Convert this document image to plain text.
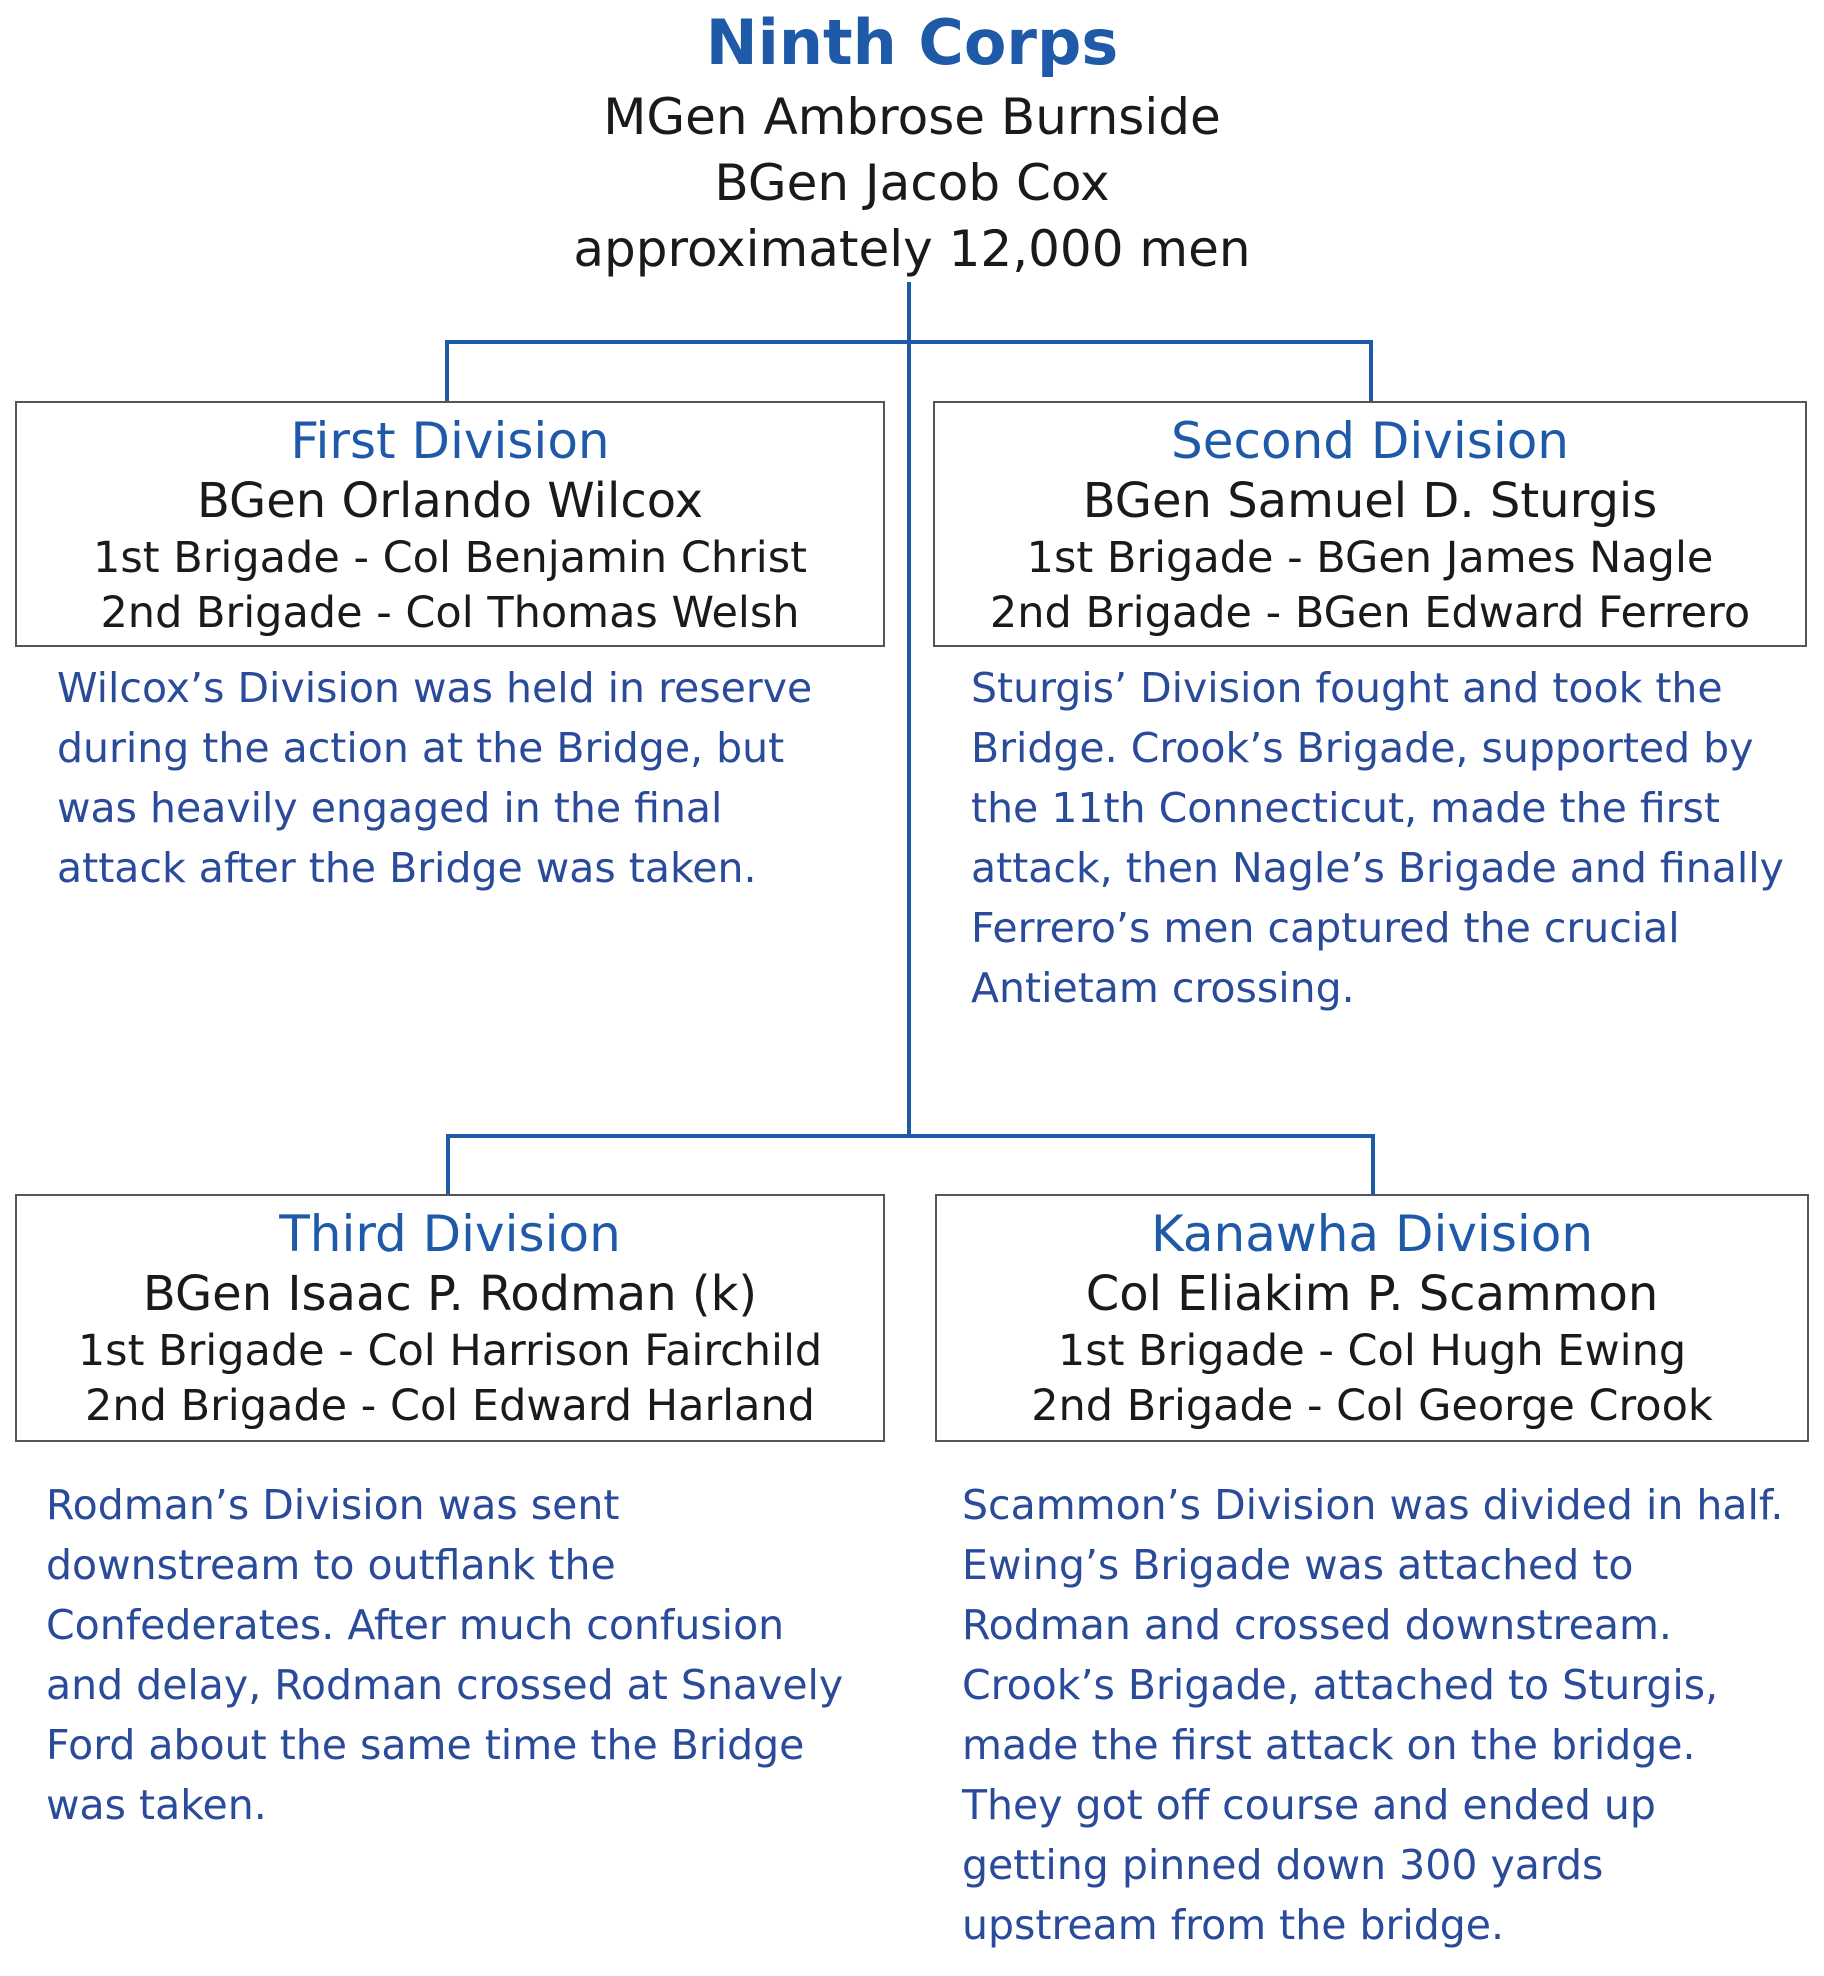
Ninth Corps
MGen Ambrose Burnside
BGen Jacob Cox
approximately 12,000 men
First Division
BGen Orlando Wilcox
1st Brigade - Col Benjamin Christ
2nd Brigade - Col Thomas Welsh

Wilcox’s Division was held in reserve during the action at the Bridge, but was heavily engaged in the final attack after the Bridge was taken.

Second Division
BGen Samuel D. Sturgis
1st Brigade - BGen James Nagle
2nd Brigade - BGen Edward Ferrero

Sturgis’ Division fought and took the Bridge. Crook’s Brigade, supported by the 11th Connecticut, made the first attack, then Nagle’s Brigade and finally Ferrero’s men captured the crucial Antietam crossing.

Third Division
BGen Isaac P. Rodman (k)
1st Brigade - Col Harrison Fairchild
2nd Brigade - Col Edward Harland

Rodman’s Division was sent downstream to outflank the Confederates. After much confusion and delay, Rodman crossed at Snavely Ford about the same time the Bridge was taken.

Kanawha Division
Col Eliakim P. Scammon
1st Brigade - Col Hugh Ewing
2nd Brigade - Col George Crook

Scammon’s Division was divided in half. Ewing’s Brigade was attached to Rodman and crossed downstream. Crook’s Brigade, attached to Sturgis, made the first attack on the bridge. They got off course and ended up getting pinned down 300 yards upstream from the bridge.
